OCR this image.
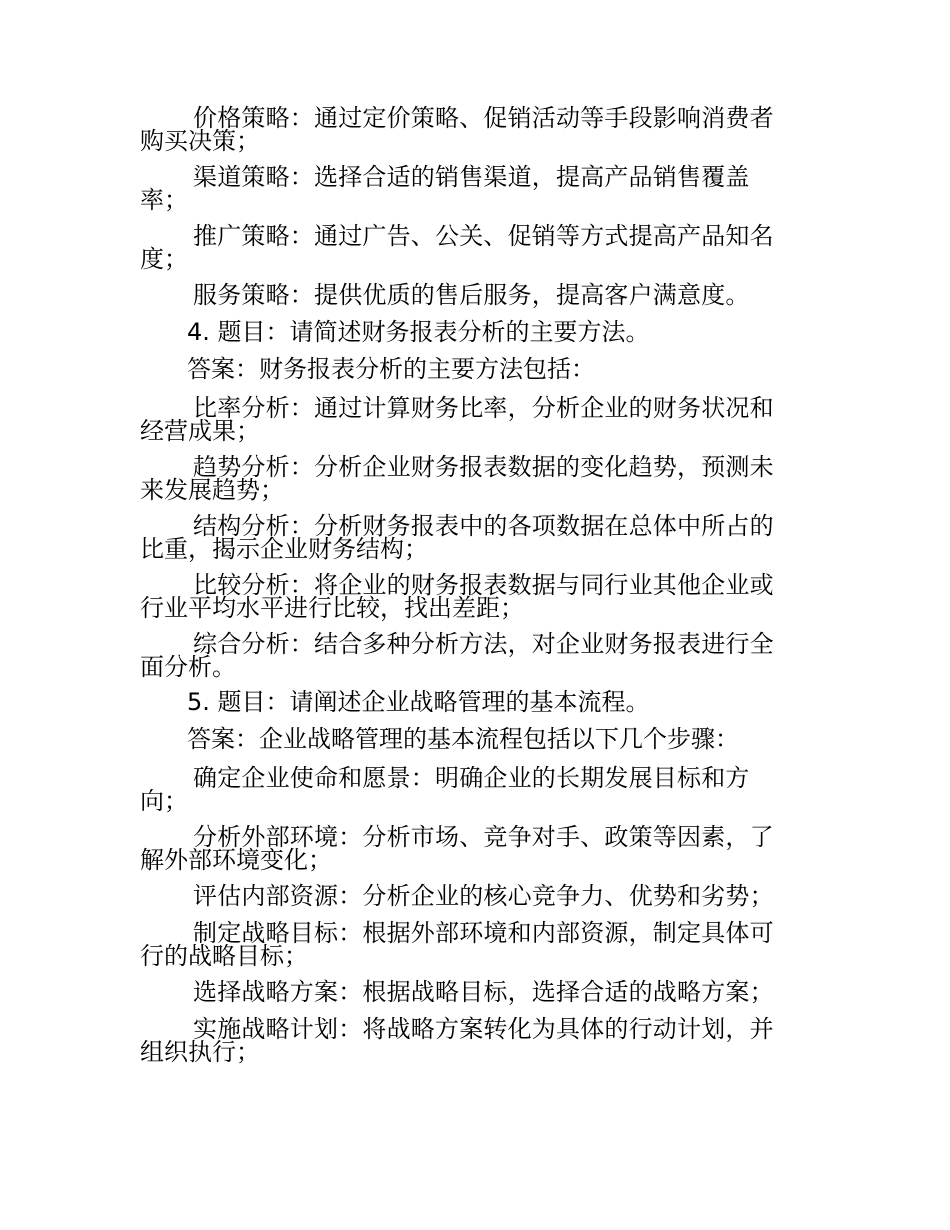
价格策略：通过定价策略、促销活动等手段影响消费者
购买决策；
渠道策略：选择合适的销售渠道，提高产品销售覆盖
率；
推广策略：通过广告、公关、促销等方式提高产品知名
度；
服务策略：提供优质的售后服务，提高客户满意度。
4. 题目：请简述财务报表分析的主要方法。
答案：财务报表分析的主要方法包括：
比率分析：通过计算财务比率，分析企业的财务状况和
经营成果；
趋势分析：分析企业财务报表数据的变化趋势，预测未
来发展趋势；
结构分析：分析财务报表中的各项数据在总体中所占的
比重，揭示企业财务结构；
比较分析：将企业的财务报表数据与同行业其他企业或
行业平均水平进行比较，找出差距；
综合分析：结合多种分析方法，对企业财务报表进行全
面分析。
5. 题目：请阐述企业战略管理的基本流程。
答案：企业战略管理的基本流程包括以下几个步骤：
确定企业使命和愿景：明确企业的长期发展目标和方
向；
分析外部环境：分析市场、竞争对手、政策等因素，了
解外部环境变化；
评估内部资源：分析企业的核心竞争力、优势和劣势；
制定战略目标：根据外部环境和内部资源，制定具体可
行的战略目标；
选择战略方案：根据战略目标，选择合适的战略方案；
实施战略计划：将战略方案转化为具体的行动计划，并
组织执行；
